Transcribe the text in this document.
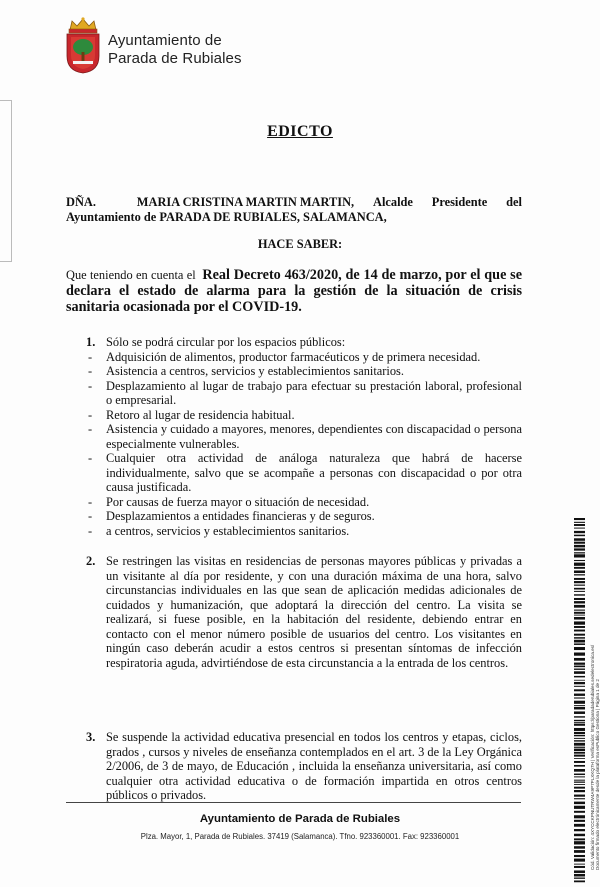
Ayuntamiento de
Parada de Rubiales
EDICTO
DÑA.	MARIA CRISTINA MARTIN MARTIN, Alcalde Presidente del
Ayuntamiento de PARADA DE RUBIALES, SALAMANCA,
HACE SABER:
Que teniendo en cuenta el Real Decreto 463/2020, de 14 de marzo, por el que se declara el estado de alarma para la gestión de la situación de crisis sanitaria ocasionada por el COVID-19.
1. Sólo se podrá circular por los espacios públicos:
- Adquisición de alimentos, productor farmacéuticos y de primera necesidad.
- Asistencia a centros, servicios y establecimientos sanitarios.
- Desplazamiento al lugar de trabajo para efectuar su prestación laboral, profesional o empresarial.
- Retoro al lugar de residencia habitual.
- Asistencia y cuidado a mayores, menores, dependientes con discapacidad o persona especialmente vulnerables.
- Cualquier otra actividad de análoga naturaleza que habrá de hacerse individualmente, salvo que se acompañe a personas con discapacidad o por otra causa justificada.
- Por causas de fuerza mayor o situación de necesidad.
- Desplazamientos a entidades financieras y de seguros.
- a centros, servicios y establecimientos sanitarios.
2. Se restringen las visitas en residencias de personas mayores públicas y privadas a un visitante al día por residente, y con una duración máxima de una hora, salvo circunstancias individuales en las que sean de aplicación medidas adicionales de cuidados y humanización, que adoptará la dirección del centro. La visita se realizará, si fuese posible, en la habitación del residente, debiendo entrar en contacto con el menor número posible de usuarios del centro. Los visitantes en ningún caso deberán acudir a estos centros si presentan síntomas de infección respiratoria aguda, advirtiéndose de esta circunstancia a la entrada de los centros.
3. Se suspende la actividad educativa presencial en todos los centros y etapas, ciclos, grados , cursos y niveles de enseñanza contemplados en el art. 3 de la Ley Orgánica 2/2006, de 3 de mayo, de Educación , incluida la enseñanza universitaria, así como cualquier otra actividad educativa o de formación impartida en otros centros públicos o privados.
Ayuntamiento de Parada de Rubiales
Plza. Mayor, 1, Parada de Rubiales. 37419 (Salamanca). Tfno. 923360001. Fax: 923360001	Cód. Validación: 4XYCCKPNUTRW4A9P7PLXKQ7H | Verificación: https://paradaderubiales.sedelectronica.es/ Documento firmado electrónicamente desde la plataforma esPublico Gestiona | Página 1 de 2
